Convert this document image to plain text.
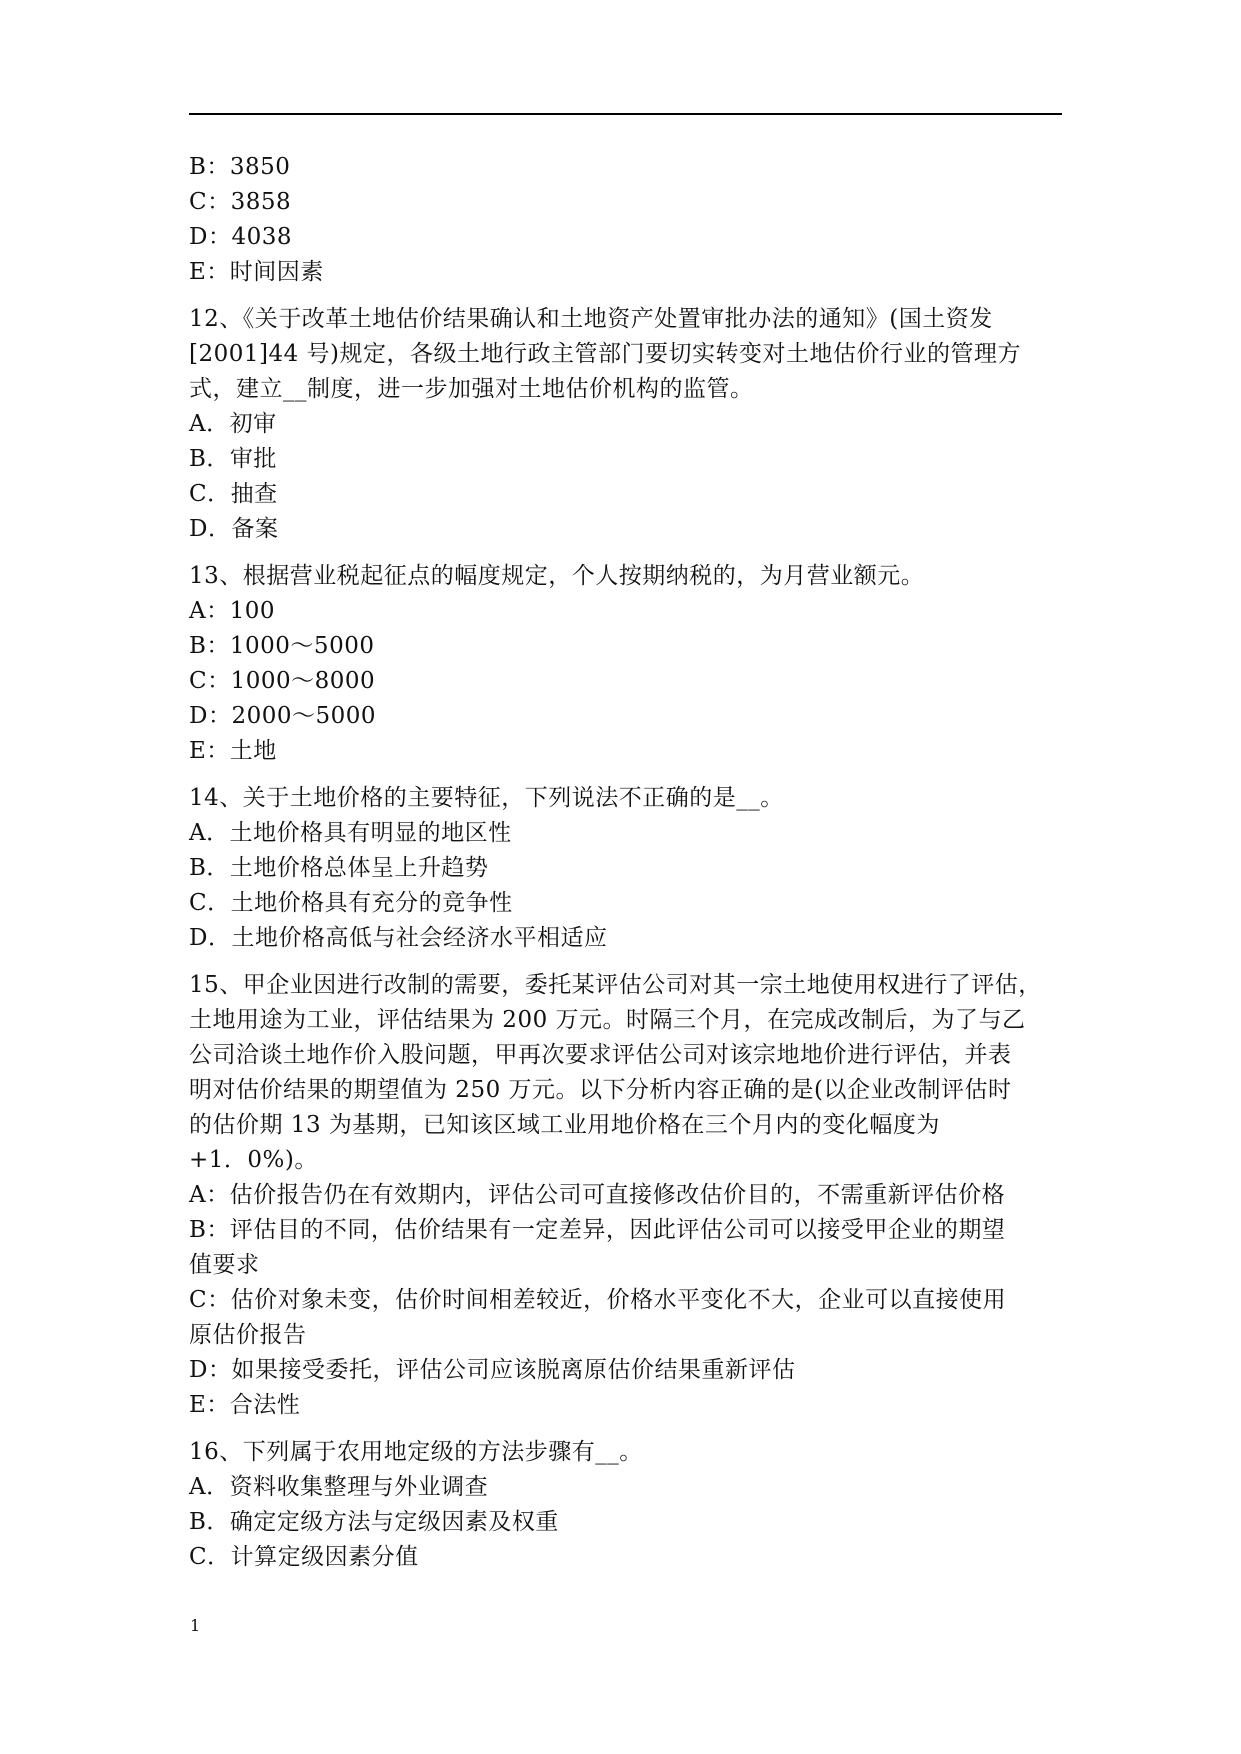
B：3850
C：3858
D：4038
E：时间因素
12、《关于改革土地估价结果确认和土地资产处置审批办法的通知》(国土资发
[2001]44 号)规定，各级土地行政主管部门要切实转变对土地估价行业的管理方
式，建立__制度，进一步加强对土地估价机构的监管。
A．初审
B．审批
C．抽查
D．备案
13、根据营业税起征点的幅度规定，个人按期纳税的，为月营业额元。
A：100
B：1000～5000
C：1000～8000
D：2000～5000
E：土地
14、关于土地价格的主要特征，下列说法不正确的是__。
A．土地价格具有明显的地区性
B．土地价格总体呈上升趋势
C．土地价格具有充分的竞争性
D．土地价格高低与社会经济水平相适应
15、甲企业因进行改制的需要，委托某评估公司对其一宗土地使用权进行了评估，
土地用途为工业，评估结果为 200 万元。时隔三个月，在完成改制后，为了与乙
公司洽谈土地作价入股问题，甲再次要求评估公司对该宗地地价进行评估，并表
明对估价结果的期望值为 250 万元。以下分析内容正确的是(以企业改制评估时
的估价期 13 为基期，已知该区域工业用地价格在三个月内的变化幅度为
+1．0%)。
A：估价报告仍在有效期内，评估公司可直接修改估价目的，不需重新评估价格
B：评估目的不同，估价结果有一定差异，因此评估公司可以接受甲企业的期望
值要求
C：估价对象未变，估价时间相差较近，价格水平变化不大，企业可以直接使用
原估价报告
D：如果接受委托，评估公司应该脱离原估价结果重新评估
E：合法性
16、下列属于农用地定级的方法步骤有__。
A．资料收集整理与外业调查
B．确定定级方法与定级因素及权重
C．计算定级因素分值
1
